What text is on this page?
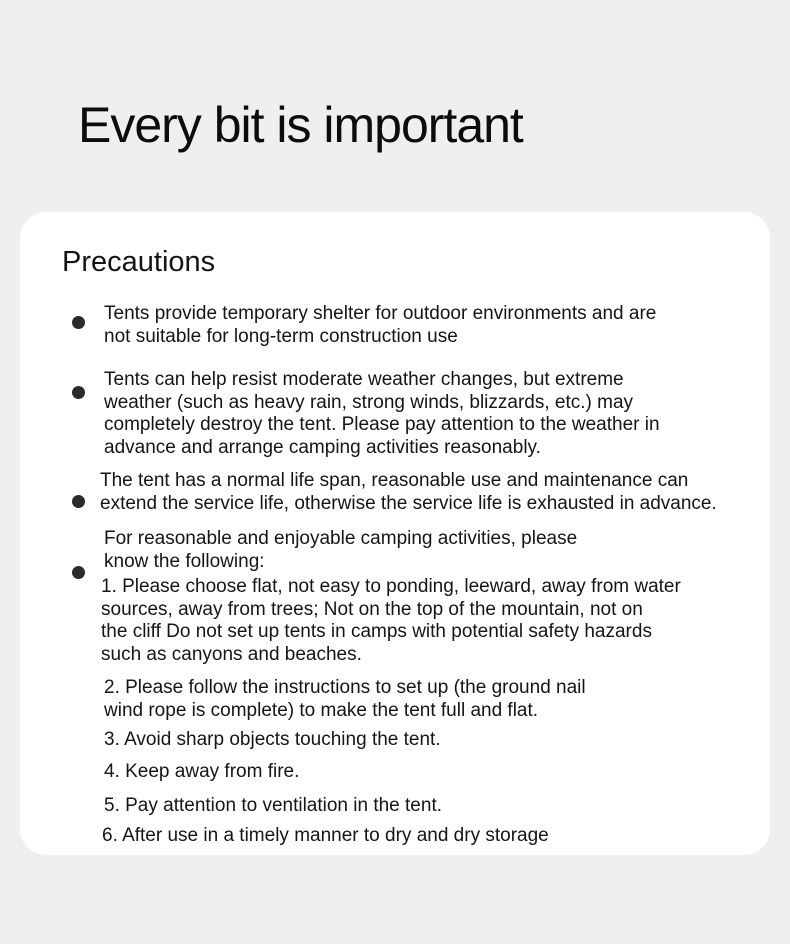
Every bit is important
Precautions

Tents provide temporary shelter for outdoor environments and are
not suitable for long-term construction use

Tents can help resist moderate weather changes, but extreme
weather (such as heavy rain, strong winds, blizzards, etc.) may
completely destroy the tent. Please pay attention to the weather in
advance and arrange camping activities reasonably.

The tent has a normal life span, reasonable use and maintenance can
extend the service life, otherwise the service life is exhausted in advance.

For reasonable and enjoyable camping activities, please
know the following:

1. Please choose flat, not easy to ponding, leeward, away from water
sources, away from trees; Not on the top of the mountain, not on
the cliff Do not set up tents in camps with potential safety hazards
such as canyons and beaches.

2. Please follow the instructions to set up (the ground nail
wind rope is complete) to make the tent full and flat.

3. Avoid sharp objects touching the tent.

4. Keep away from fire.

5. Pay attention to ventilation in the tent.

6. After use in a timely manner to dry and dry storage
